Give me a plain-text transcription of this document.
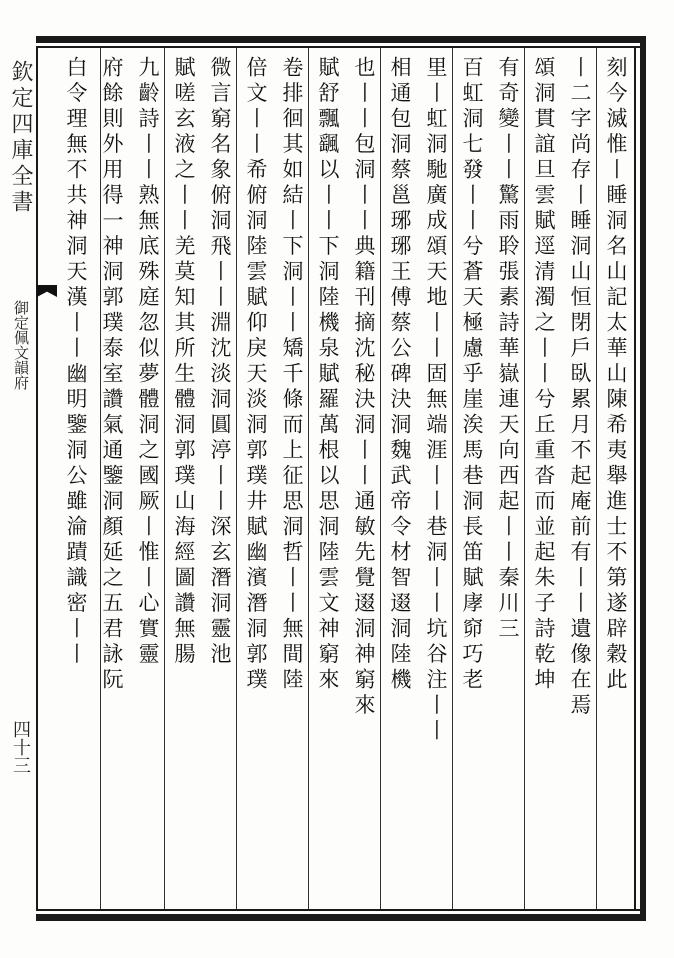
欽定四庫全書
御定佩文韻府
四十三
刻今滅惟丨睡洞名山記太華山陳希夷舉進士不第遂辟穀此
丨二字尚存丨睡洞山恒閉戶臥累月不起庵前有丨丨遺像在焉
頌洞貫誼旦雲賦逕清濁之丨丨兮丘重沓而並起朱子詩乾坤
有奇變丨丨驚雨聆張素詩華嶽連天向西起丨丨秦川三
百虹洞七發丨丨兮蒼天極慮乎崖涘馬巷洞長笛賦庨窌巧老
里丨虹洞馳廣成頌天地丨丨固無端涯丨丨巷洞丨丨坑谷注丨丨
相通包洞蔡邕琊琊王傅蔡公碑決洞魏武帝令材智逫洞陸機
也丨丨包洞丨丨典籍刊摘沈秘決洞丨丨通敏先覺逫洞神窮來
賦舒飄颻以丨丨下洞陸機泉賦羅萬根以思洞陸雲文神窮來
卷排徊其如結丨下洞丨丨矯千條而上征思洞哲丨丨無間陸
倍文丨丨希俯洞陸雲賦仰戾天淡洞郭璞井賦幽濱潛洞郭璞
微言窮名象俯洞飛丨丨淵沈淡洞圓渟丨丨深玄潛洞靈池
賦嗟玄液之丨丨羌莫知其所生體洞郭璞山海經圖讚無腸
九齡詩丨丨熟無底殊庭忽似夢體洞之國厥丨惟丨心實靈
府餘則外用得一神洞郭璞泰室讚氣通鑒洞顏延之五君詠阮
白令理無不共神洞天漢丨丨幽明鑒洞公雖淪蹟識密丨丨
